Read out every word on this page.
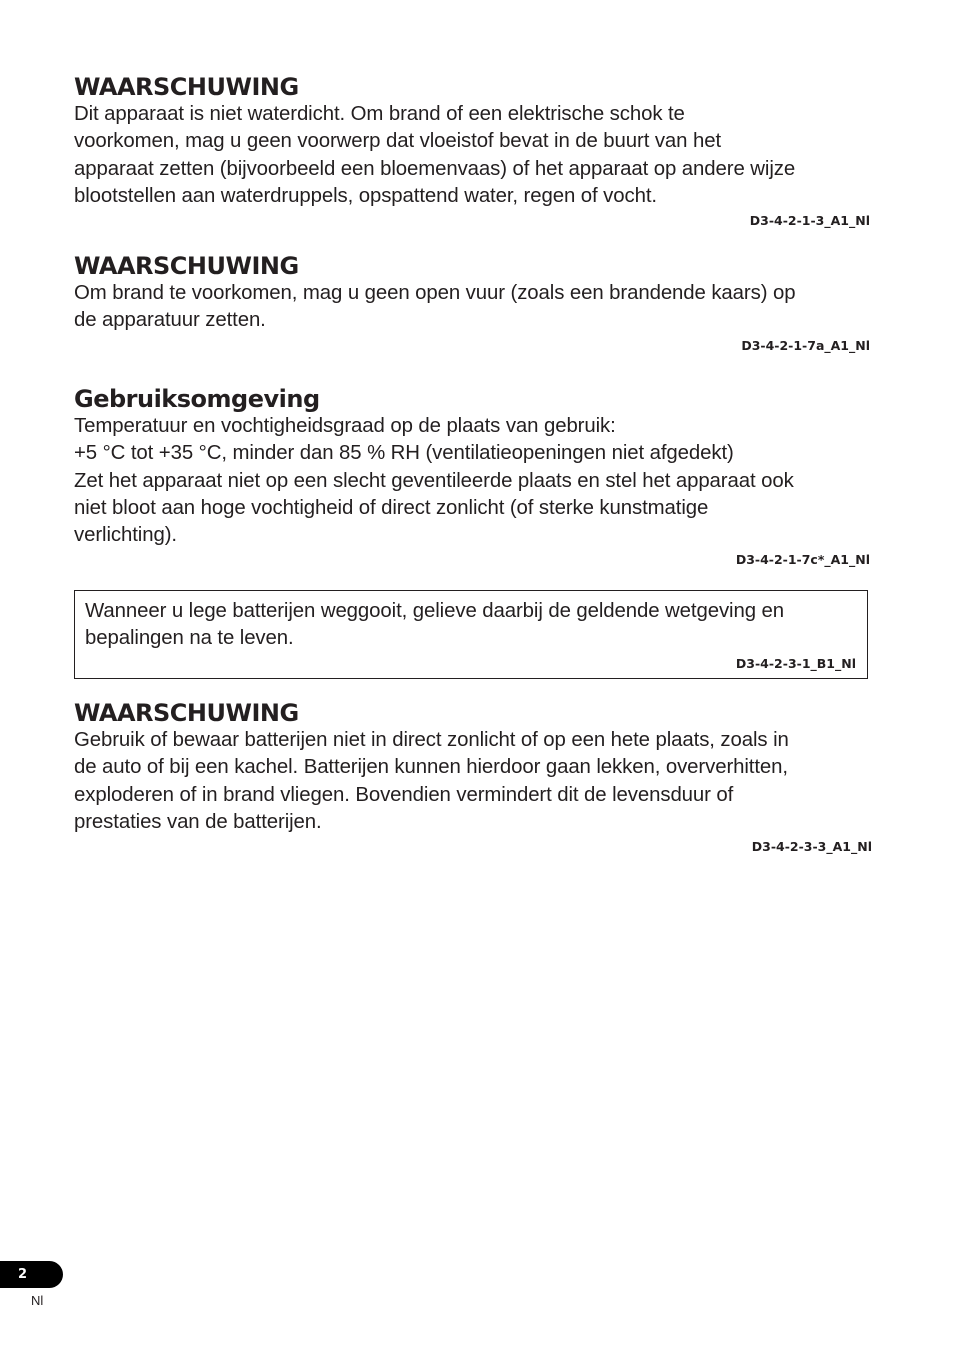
WAARSCHUWING
Dit apparaat is niet waterdicht. Om brand of een elektrische schok te
voorkomen, mag u geen voorwerp dat vloeistof bevat in de buurt van het
apparaat zetten (bijvoorbeeld een bloemenvaas) of het apparaat op andere wijze
blootstellen aan waterdruppels, opspattend water, regen of vocht.
D3-4-2-1-3_A1_Nl
WAARSCHUWING
Om brand te voorkomen, mag u geen open vuur (zoals een brandende kaars) op
de apparatuur zetten.
D3-4-2-1-7a_A1_Nl
Gebruiksomgeving
Temperatuur en vochtigheidsgraad op de plaats van gebruik:
+5 °C tot +35 °C, minder dan 85 % RH (ventilatieopeningen niet afgedekt)
Zet het apparaat niet op een slecht geventileerde plaats en stel het apparaat ook
niet bloot aan hoge vochtigheid of direct zonlicht (of sterke kunstmatige
verlichting).
D3-4-2-1-7c*_A1_Nl
Wanneer u lege batterijen weggooit, gelieve daarbij de geldende wetgeving en
bepalingen na te leven.
D3-4-2-3-1_B1_Nl
WAARSCHUWING
Gebruik of bewaar batterijen niet in direct zonlicht of op een hete plaats, zoals in
de auto of bij een kachel. Batterijen kunnen hierdoor gaan lekken, oververhitten,
exploderen of in brand vliegen. Bovendien vermindert dit de levensduur of
prestaties van de batterijen.
D3-4-2-3-3_A1_Nl
2
Nl
